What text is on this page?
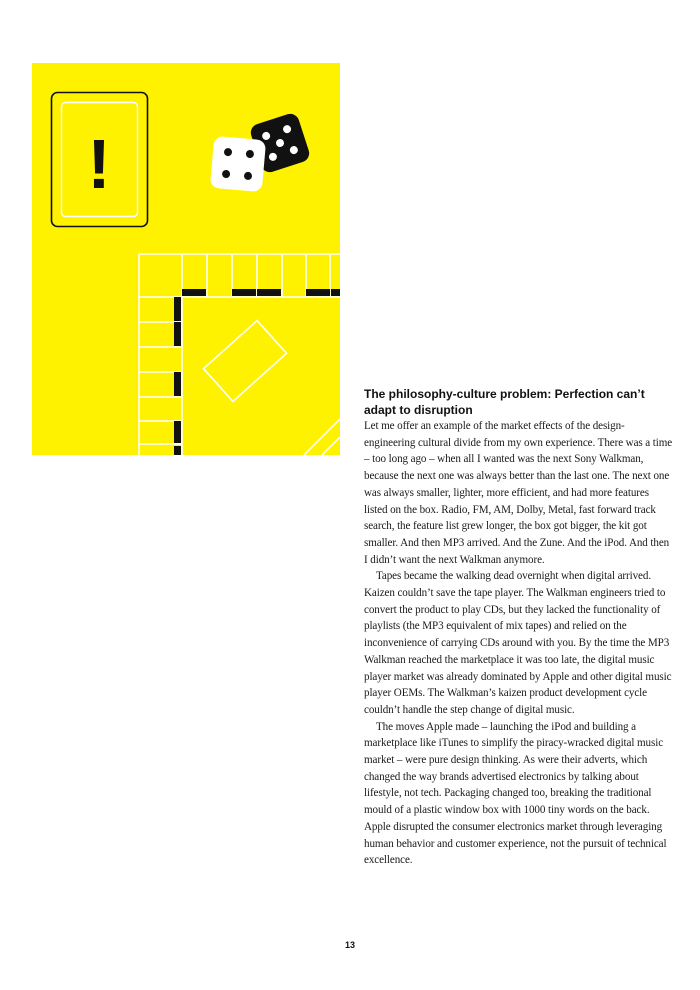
!
The philosophy-culture problem: Perfection can’t adapt to disruption

Let me offer an example of the market effects of the design-engineering cultural divide from my own experience. There was a time – too long ago – when all I wanted was the next Sony Walkman, because the next one was always better than the last one. The next one was always smaller, lighter, more efficient, and had more features listed on the box. Radio, FM, AM, Dolby, Metal, fast forward track search, the feature list grew longer, the box got bigger, the kit got smaller. And then MP3 arrived. And the Zune. And the iPod. And then I didn’t want the next Walkman anymore.

Tapes became the walking dead overnight when digital arrived. Kaizen couldn’t save the tape player. The Walkman engineers tried to convert the product to play CDs, but they lacked the functionality of playlists (the MP3 equivalent of mix tapes) and relied on the inconvenience of carrying CDs around with you. By the time the MP3 Walkman reached the marketplace it was too late, the digital music player market was already dominated by Apple and other digital music player OEMs. The Walkman’s kaizen product development cycle couldn’t handle the step change of digital music.

The moves Apple made – launching the iPod and building a marketplace like iTunes to simplify the piracy-wracked digital music market – were pure design thinking. As were their adverts, which changed the way brands advertised electronics by talking about lifestyle, not tech. Packaging changed too, breaking the traditional mould of a plastic window box with 1000 tiny words on the back. Apple disrupted the consumer electronics market through leveraging human behavior and customer experience, not the pursuit of technical excellence.

13
